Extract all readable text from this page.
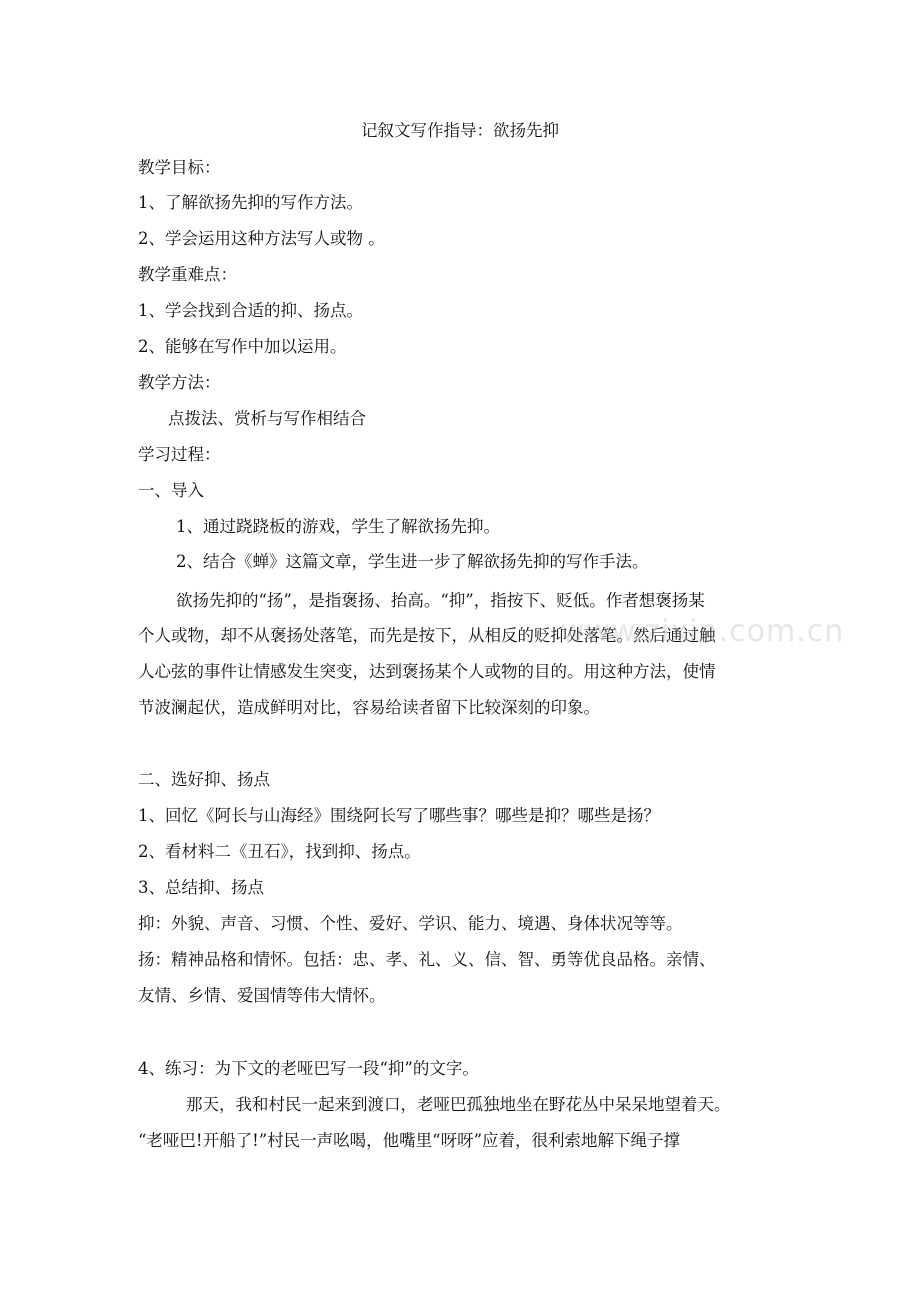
记叙文写作指导：欲扬先抑
教学目标：
1、了解欲扬先抑的写作方法。
2、学会运用这种方法写人或物 。
教学重难点：
1、学会找到合适的抑、扬点。
2、能够在写作中加以运用。
教学方法：
点拨法、赏析与写作相结合
学习过程：
一、导入
1、通过跷跷板的游戏，学生了解欲扬先抑。
2、结合《蝉》这篇文章，学生进一步了解欲扬先抑的写作手法。
欲扬先抑的“扬”，是指褒扬、抬高。“抑”，指按下、贬低。作者想褒扬某
个人或物，却不从褒扬处落笔，而先是按下，从相反的贬抑处落笔。然后通过触
人心弦的事件让情感发生突变，达到褒扬某个人或物的目的。用这种方法，使情
节波澜起伏，造成鲜明对比，容易给读者留下比较深刻的印象。
二、选好抑、扬点
1、回忆《阿长与山海经》围绕阿长写了哪些事？哪些是抑？哪些是扬？
2、看材料二《丑石》，找到抑、扬点。
3、总结抑、扬点
抑：外貌、声音、习惯、个性、爱好、学识、能力、境遇、身体状况等等。
扬：精神品格和情怀。包括：忠、孝、礼、义、信、智、勇等优良品格。亲情、
友情、乡情、爱国情等伟大情怀。
4、练习：为下文的老哑巴写一段“抑”的文字。
那天，我和村民一起来到渡口，老哑巴孤独地坐在野花丛中呆呆地望着天。
“老哑巴!开船了!”村民一声吆喝，他嘴里“呀呀”应着，很利索地解下绳子撑
www.zixin.com.cn
